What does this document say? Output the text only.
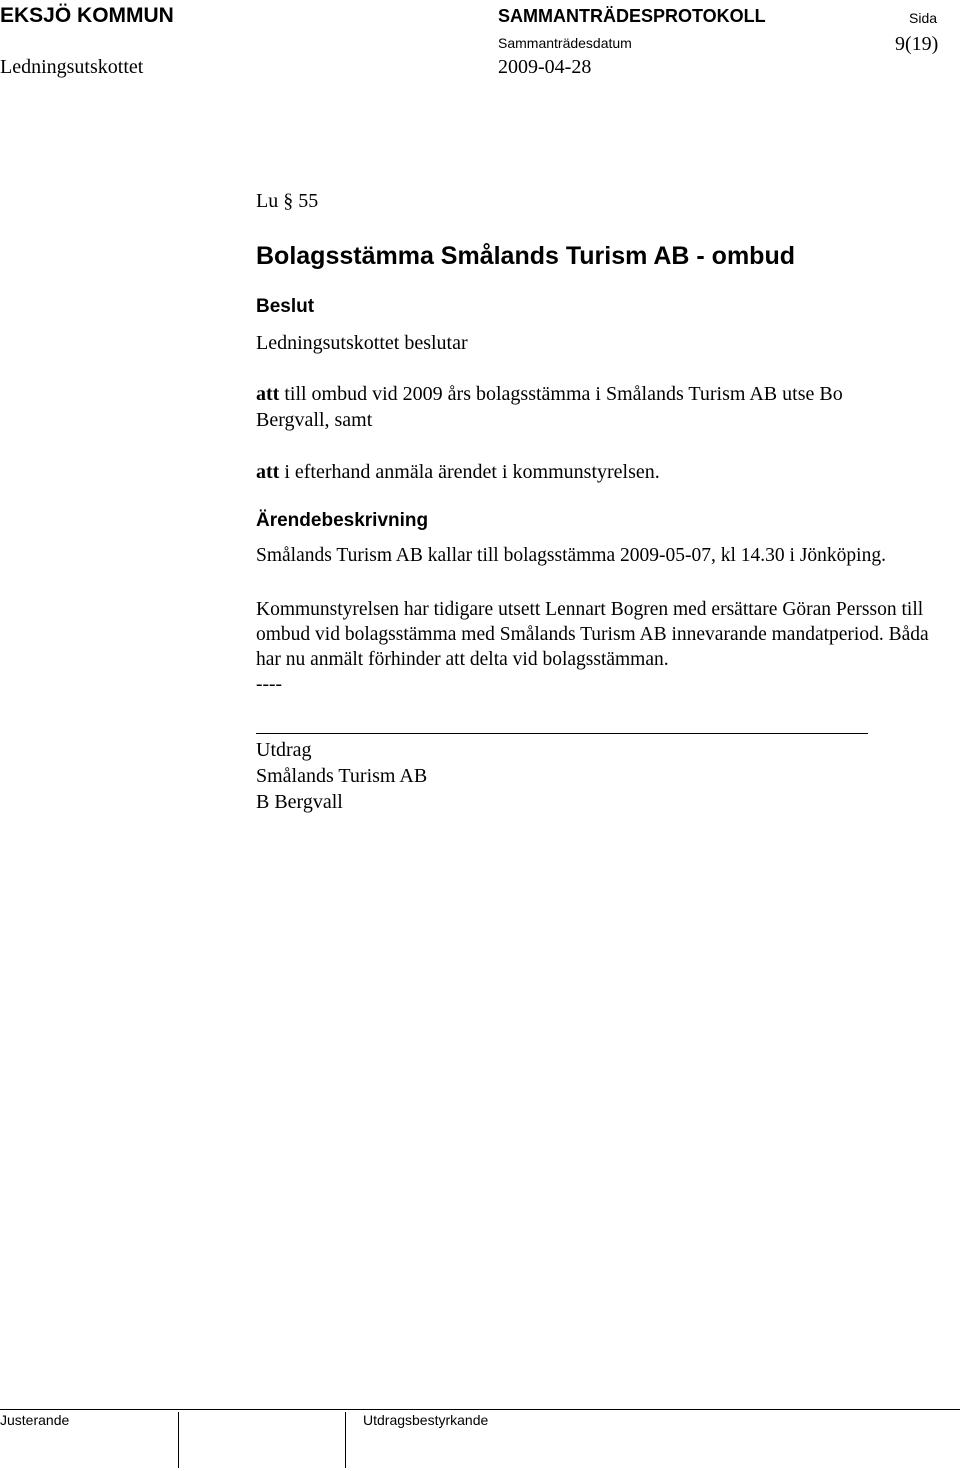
EKSJÖ KOMMUN	SAMMANTRÄDESPROTOKOLL	Sida
Ledningsutskottet
Sammanträdesdatum
2009-04-28
9(19)
Lu § 55
Bolagsstämma Smålands Turism AB - ombud
Beslut
Ledningsutskottet beslutar
att till ombud vid 2009 års bolagsstämma i Smålands Turism AB utse Bo Bergvall, samt
att i efterhand anmäla ärendet i kommunstyrelsen.
Ärendebeskrivning
Smålands Turism AB kallar till bolagsstämma 2009-05-07, kl 14.30 i Jönköping.
Kommunstyrelsen har tidigare utsett Lennart Bogren med ersättare Göran Persson till ombud vid bolagsstämma med Smålands Turism AB innevarande mandatperiod. Båda har nu anmält förhinder att delta vid bolagsstämman.
----
Utdrag
Smålands Turism AB
B Bergvall
Justerande	Utdragsbestyrkande
